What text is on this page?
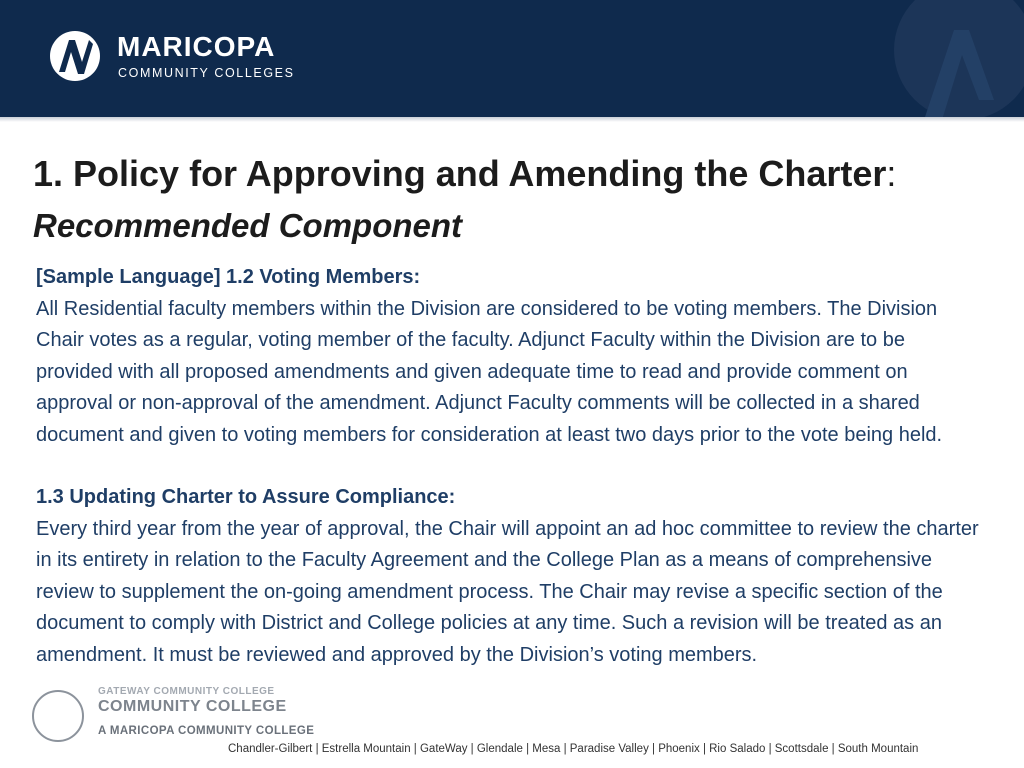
MARICOPA
COMMUNITY COLLEGES
1. Policy for Approving and Amending the Charter:
Recommended Component

[Sample Language] 1.2 Voting Members:

All Residential faculty members within the Division are considered to be voting members. The Division Chair votes as a regular, voting member of the faculty. Adjunct Faculty within the Division are to be provided with all proposed amendments and given adequate time to read and provide comment on approval or non-approval of the amendment. Adjunct Faculty comments will be collected in a shared document and given to voting members for consideration at least two days prior to the vote being held.

1.3 Updating Charter to Assure Compliance:

Every third year from the year of approval, the Chair will appoint an ad hoc committee to review the charter in its entirety in relation to the Faculty Agreement and the College Plan as a means of comprehensive review to supplement the on-going amendment process. The Chair may revise a specific section of the document to comply with District and College policies at any time. Such a revision will be treated as an amendment. It must be reviewed and approved by the Division’s voting members.

GATEWAY COMMUNITY COLLEGE
COMMUNITY COLLEGE
A MARICOPA COMMUNITY COLLEGE
Chandler-Gilbert | Estrella Mountain | GateWay | Glendale | Mesa | Paradise Valley | Phoenix | Rio Salado | Scottsdale | South Mountain
